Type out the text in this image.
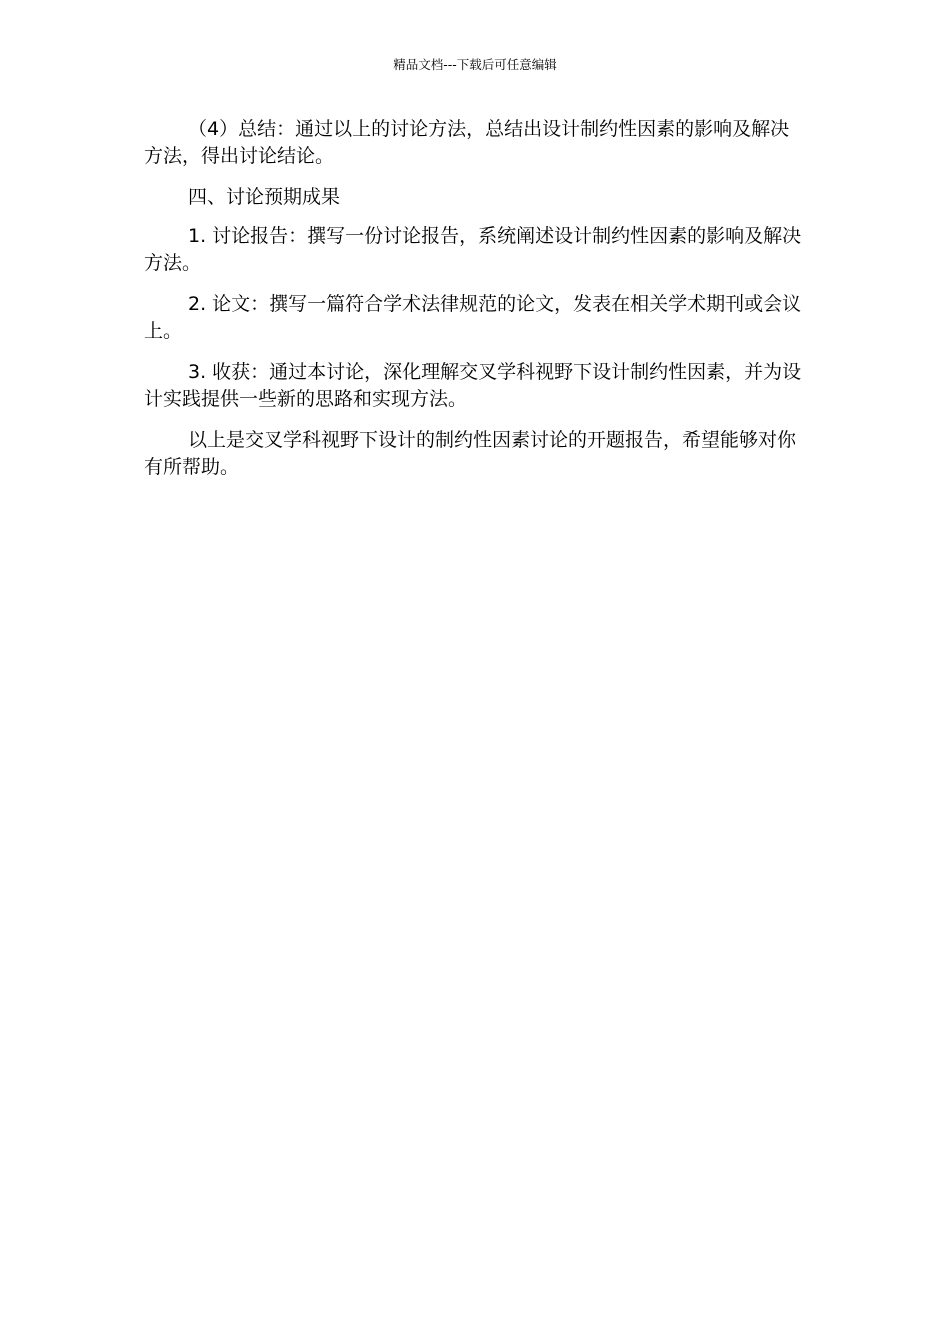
精品文档---下载后可任意编辑

（4）总结：通过以上的讨论方法，总结出设计制约性因素的影响及解决方法，得出讨论结论。

四、讨论预期成果

1. 讨论报告：撰写一份讨论报告，系统阐述设计制约性因素的影响及解决方法。

2. 论文：撰写一篇符合学术法律规范的论文，发表在相关学术期刊或会议上。

3. 收获：通过本讨论，深化理解交叉学科视野下设计制约性因素，并为设计实践提供一些新的思路和实现方法。

以上是交叉学科视野下设计的制约性因素讨论的开题报告，希望能够对你有所帮助。
